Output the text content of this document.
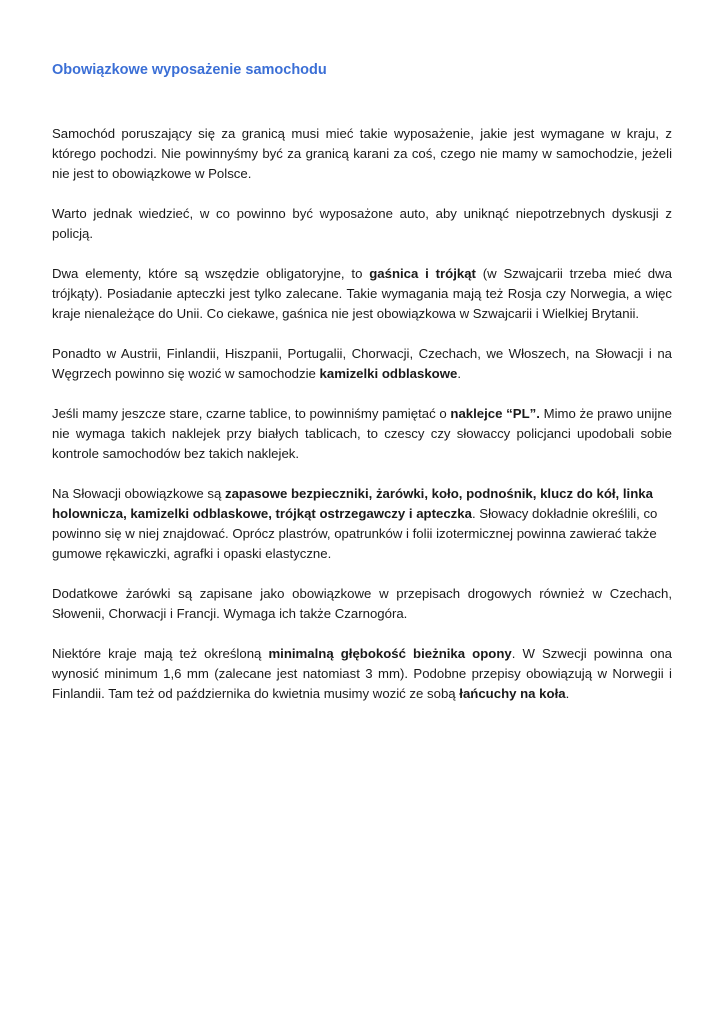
Obowiązkowe wyposażenie samochodu

Samochód poruszający się za granicą musi mieć takie wyposażenie, jakie jest wymagane w kraju, z którego pochodzi. Nie powinnyśmy być za granicą karani za coś, czego nie mamy w samochodzie, jeżeli nie jest to obowiązkowe w Polsce.

Warto jednak wiedzieć, w co powinno być wyposażone auto, aby uniknąć niepotrzebnych dyskusji z policją.

Dwa elementy, które są wszędzie obligatoryjne, to gaśnica i trójkąt (w Szwajcarii trzeba mieć dwa trójkąty). Posiadanie apteczki jest tylko zalecane. Takie wymagania mają też Rosja czy Norwegia, a więc kraje nienależące do Unii. Co ciekawe, gaśnica nie jest obowiązkowa w Szwajcarii i Wielkiej Brytanii.

Ponadto w Austrii, Finlandii, Hiszpanii, Portugalii, Chorwacji, Czechach, we Włoszech, na Słowacji i na Węgrzech powinno się wozić w samochodzie kamizelki odblaskowe.

Jeśli mamy jeszcze stare, czarne tablice, to powinniśmy pamiętać o naklejce “PL”. Mimo że prawo unijne nie wymaga takich naklejek przy białych tablicach, to czescy czy słowaccy policjanci upodobali sobie kontrole samochodów bez takich naklejek.

Na Słowacji obowiązkowe są zapasowe bezpieczniki, żarówki, koło, podnośnik, klucz do kół, linka holownicza, kamizelki odblaskowe, trójkąt ostrzegawczy i apteczka. Słowacy dokładnie określili, co powinno się w niej znajdować. Oprócz plastrów, opatrunków i folii izotermicznej powinna zawierać także gumowe rękawiczki, agrafki i opaski elastyczne.

Dodatkowe żarówki są zapisane jako obowiązkowe w przepisach drogowych również w Czechach, Słowenii, Chorwacji i Francji. Wymaga ich także Czarnogóra.

Niektóre kraje mają też określoną minimalną głębokość bieżnika opony. W Szwecji powinna ona wynosić minimum 1,6 mm (zalecane jest natomiast 3 mm). Podobne przepisy obowiązują w Norwegii i Finlandii. Tam też od października do kwietnia musimy wozić ze sobą łańcuchy na koła.
